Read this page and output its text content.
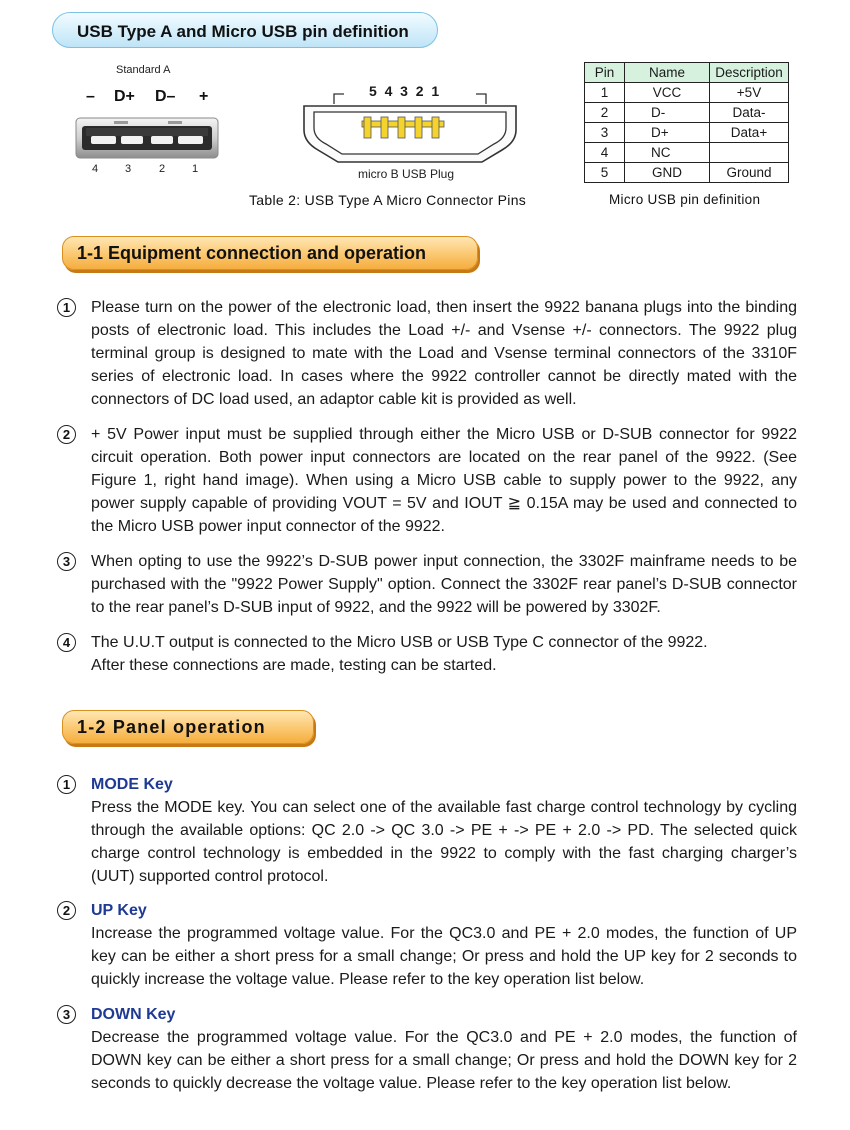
USB Type A and Micro USB pin definition
Standard A
– D+ D– +
4 3	2 1
5 4 3 2 1
micro B USB Plug
Table 2: USB Type A Micro Connector Pins	Micro USB pin definition
Pin	Name	Description
1	VCC	+5V
2	D-	Data-
3	D+	Data+
4	NC	
5	GND	Ground
1-1 Equipment connection and operation
1	Please turn on the power of the electronic load, then insert the 9922 banana plugs into the binding posts of electronic load. This includes the Load +/- and Vsense +/- connectors. The 9922 plug terminal group is designed to mate with the Load and Vsense terminal connectors of the 3310F series of electronic load. In cases where the 9922 controller cannot be directly mated with the connectors of DC load used, an adaptor cable kit is provided as well.
2	+ 5V Power input must be supplied through either the Micro USB or D-SUB connector for 9922 circuit operation. Both power input connectors are located on the rear panel of the 9922. (See Figure 1, right hand image). When using a Micro USB cable to supply power to the 9922, any power supply capable of providing VOUT = 5V and IOUT ≧ 0.15A may be used and connected to the Micro USB power input connector of the 9922.
3	When opting to use the 9922’s D-SUB power input connection, the 3302F mainframe needs to be purchased with the "9922 Power Supply" option. Connect the 3302F rear panel’s D-SUB connector to the rear panel’s D-SUB input of 9922, and the 9922 will be powered by 3302F.
4	The U.U.T output is connected to the Micro USB or USB Type C connector of the 9922.
After these connections are made, testing can be started.
1-2 Panel operation
1	MODE Key
Press the MODE key. You can select one of the available fast charge control technology by cycling through the available options: QC 2.0 -> QC 3.0 -> PE + -> PE + 2.0 -> PD. The selected quick charge control technology is embedded in the 9922 to comply with the fast charging charger’s (UUT) supported control protocol.
2	UP Key
Increase the programmed voltage value. For the QC3.0 and PE + 2.0 modes, the function of UP key can be either a short press for a small change; Or press and hold the UP key for 2 seconds to quickly increase the voltage value. Please refer to the key operation list below.
3	DOWN Key
Decrease the programmed voltage value. For the QC3.0 and PE + 2.0 modes, the function of DOWN key can be either a short press for a small change; Or press and hold the DOWN key for 2 seconds to quickly decrease the voltage value. Please refer to the key operation list below.
